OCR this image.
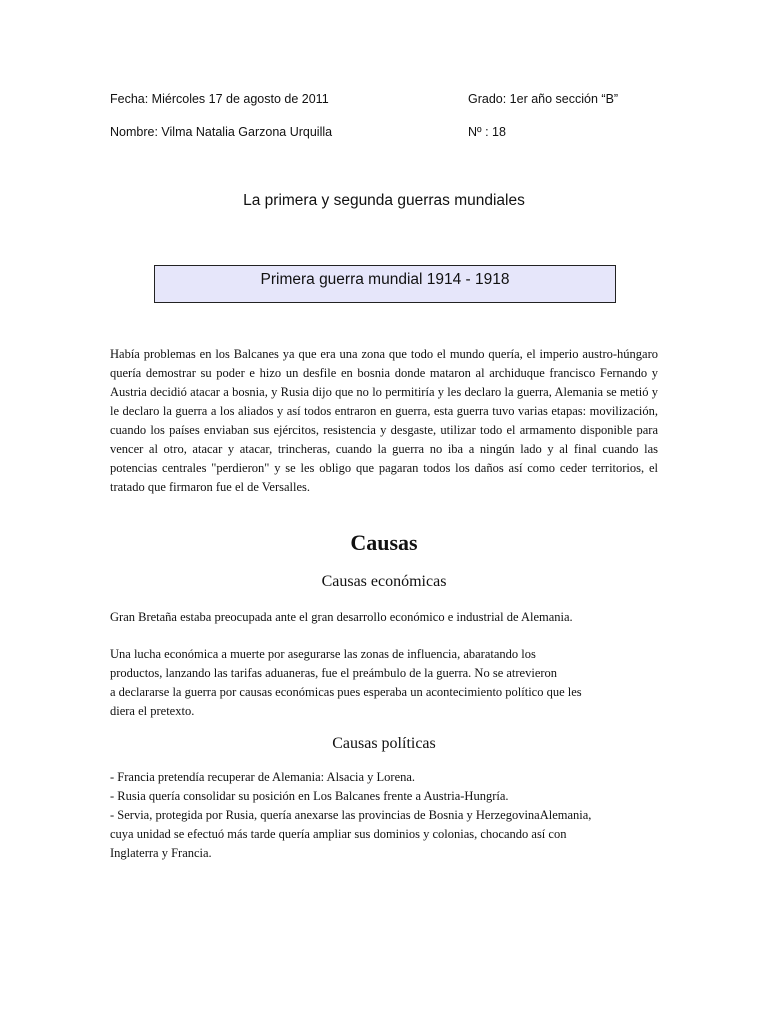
Fecha: Miércoles 17 de agosto de 2011	Grado: 1er año sección “B”
Nombre: Vilma Natalia Garzona Urquilla	Nº : 18
La primera y segunda guerras mundiales
Primera guerra mundial 1914 - 1918
Había problemas en los Balcanes ya que era una zona que todo el mundo quería, el imperio austro-húngaro quería demostrar su poder e hizo un desfile en bosnia donde mataron al archiduque francisco Fernando y Austria decidió atacar a bosnia, y Rusia dijo que no lo permitiría y les declaro la guerra, Alemania se metió y le declaro la guerra a los aliados y así todos entraron en guerra, esta guerra tuvo varias etapas: movilización, cuando los países enviaban sus ejércitos, resistencia y desgaste, utilizar todo el armamento disponible para vencer al otro, atacar y atacar, trincheras, cuando la guerra no iba a ningún lado y al final cuando las potencias centrales "perdieron" y se les obligo que pagaran todos los daños así como ceder territorios, el tratado que firmaron fue el de Versalles.
Causas
Causas económicas
Gran Bretaña estaba preocupada ante el gran desarrollo económico e industrial de Alemania.
Una lucha económica a muerte por asegurarse las zonas de influencia, abaratando los
productos, lanzando las tarifas aduaneras, fue el preámbulo de la guerra. No se atrevieron
a declararse la guerra por causas económicas pues esperaba un acontecimiento político que les
diera el pretexto.
Causas políticas
- Francia pretendía recuperar de Alemania: Alsacia y Lorena.
- Rusia quería consolidar su posición en Los Balcanes frente a Austria-Hungría.
- Servia, protegida por Rusia, quería anexarse las provincias de Bosnia y HerzegovinaAlemania,
cuya unidad se efectuó más tarde quería ampliar sus dominios y colonias, chocando así con
Inglaterra y Francia.
